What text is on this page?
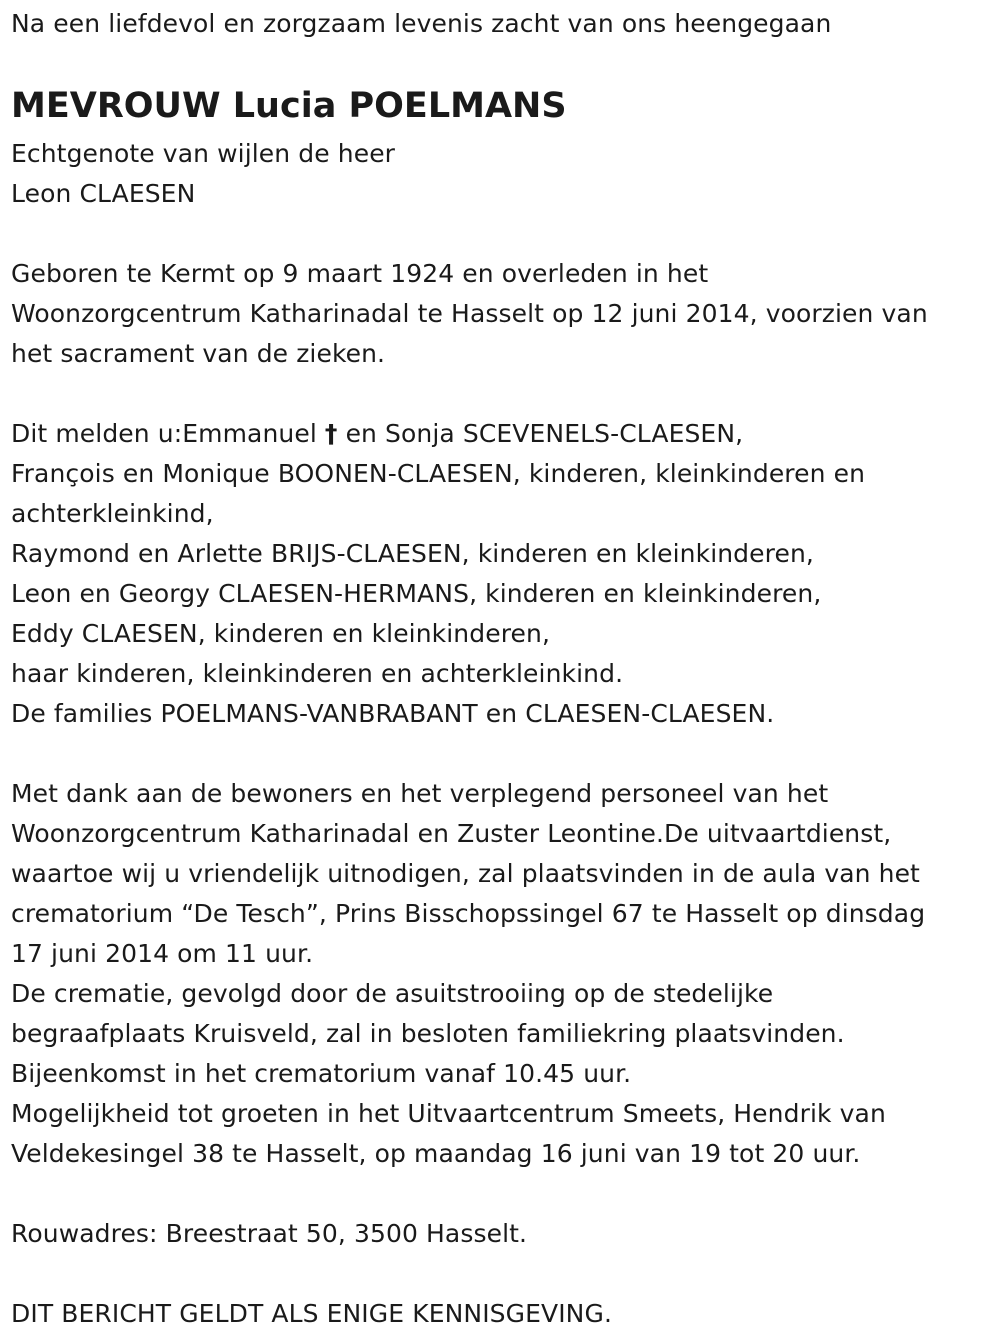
Na een liefdevol en zorgzaam levenis zacht van ons heengegaan
MEVROUW Lucia POELMANS
Echtgenote van wijlen de heer
Leon CLAESEN
Geboren te Kermt op 9 maart 1924 en overleden in het
Woonzorgcentrum Katharinadal te Hasselt op 12 juni 2014, voorzien van
het sacrament van de zieken.
Dit melden u:Emmanuel † en Sonja SCEVENELS-CLAESEN,
François en Monique BOONEN-CLAESEN, kinderen, kleinkinderen en
achterkleinkind,
Raymond en Arlette BRIJS-CLAESEN, kinderen en kleinkinderen,
Leon en Georgy CLAESEN-HERMANS, kinderen en kleinkinderen,
Eddy CLAESEN, kinderen en kleinkinderen,
haar kinderen, kleinkinderen en achterkleinkind.
De families POELMANS-VANBRABANT en CLAESEN-CLAESEN.
Met dank aan de bewoners en het verplegend personeel van het
Woonzorgcentrum Katharinadal en Zuster Leontine.De uitvaartdienst,
waartoe wij u vriendelijk uitnodigen, zal plaatsvinden in de aula van het
crematorium “De Tesch”, Prins Bisschopssingel 67 te Hasselt op dinsdag
17 juni 2014 om 11 uur.
De crematie, gevolgd door de asuitstrooiing op de stedelijke
begraafplaats Kruisveld, zal in besloten familiekring plaatsvinden.
Bijeenkomst in het crematorium vanaf 10.45 uur.
Mogelijkheid tot groeten in het Uitvaartcentrum Smeets, Hendrik van
Veldekesingel 38 te Hasselt, op maandag 16 juni van 19 tot 20 uur.
Rouwadres: Breestraat 50, 3500 Hasselt.
DIT BERICHT GELDT ALS ENIGE KENNISGEVING.
